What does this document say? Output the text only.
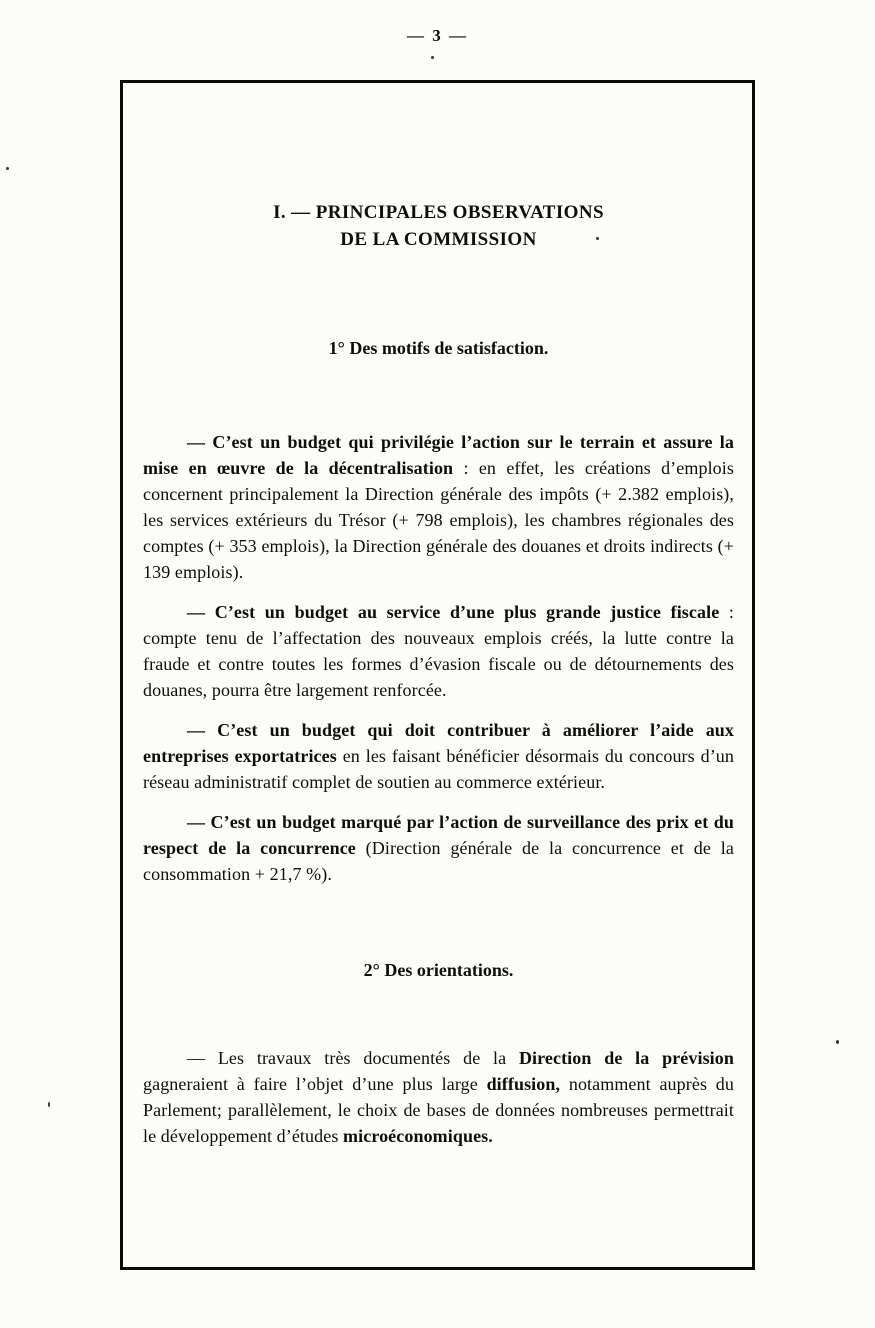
— 3 —
I. — PRINCIPALES OBSERVATIONS
DE LA COMMISSION
1° Des motifs de satisfaction.

— C’est un budget qui privilégie l’action sur le terrain et assure la mise en œuvre de la décentralisation : en effet, les créations d’emplois concernent principalement la Direction générale des impôts (+ 2.382 emplois), les services extérieurs du Trésor (+ 798 emplois), les chambres régionales des comptes (+ 353 emplois), la Direction générale des douanes et droits indirects (+ 139 emplois).

— C’est un budget au service d’une plus grande justice fiscale : compte tenu de l’affectation des nouveaux emplois créés, la lutte contre la fraude et contre toutes les formes d’évasion fiscale ou de détournements des douanes, pourra être largement renforcée.

— C’est un budget qui doit contribuer à améliorer l’aide aux entreprises exportatrices en les faisant bénéficier désormais du concours d’un réseau administratif complet de soutien au commerce extérieur.

— C’est un budget marqué par l’action de surveillance des prix et du respect de la concurrence (Direction générale de la concurrence et de la consommation + 21,7 %).

2° Des orientations.

— Les travaux très documentés de la Direction de la prévision gagneraient à faire l’objet d’une plus large diffusion, notamment auprès du Parlement; parallèlement, le choix de bases de données nombreuses permettrait le développement d’études microéconomiques.
